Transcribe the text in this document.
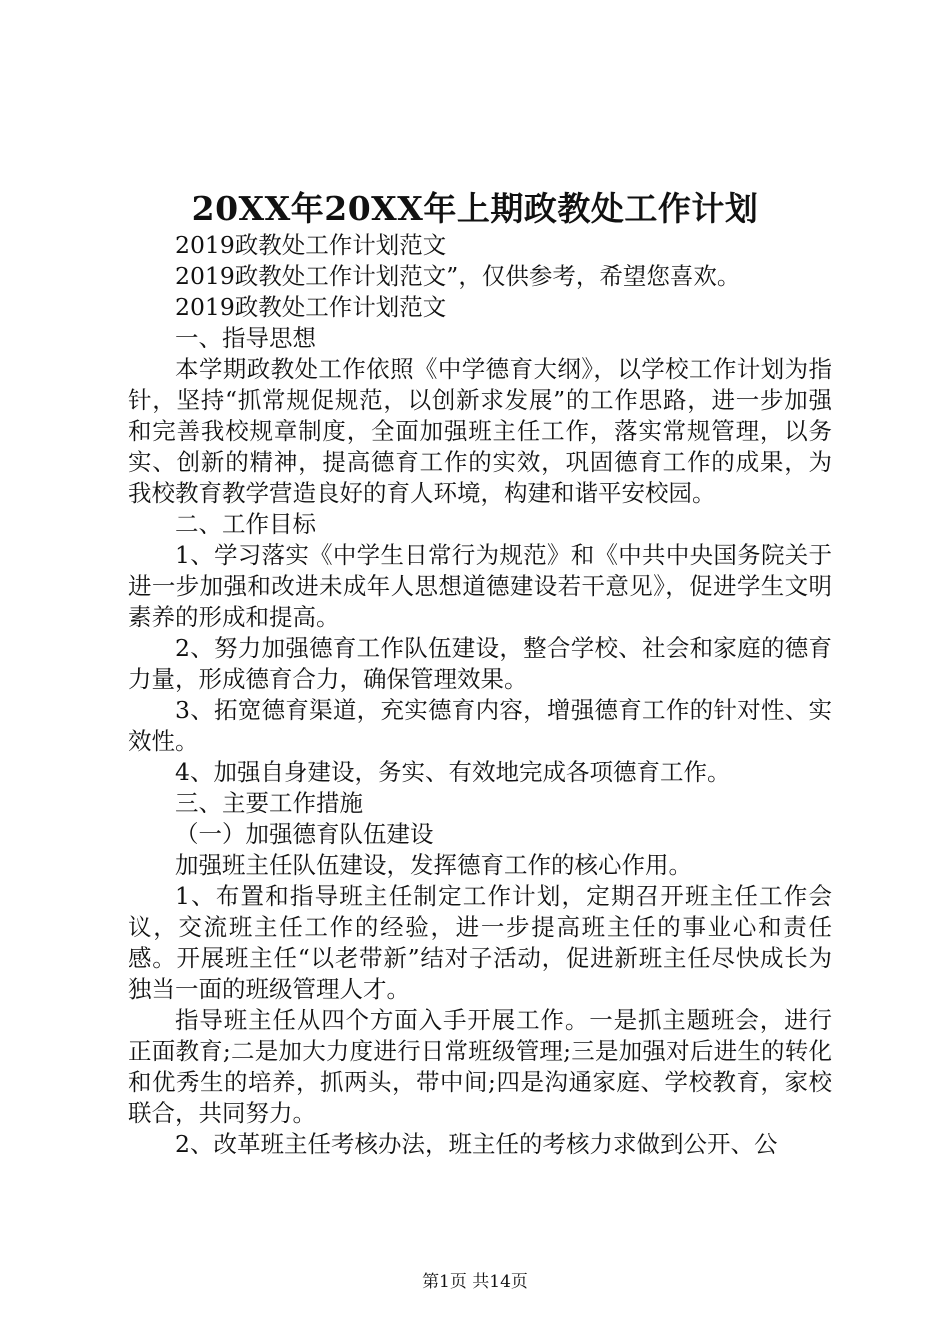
20XX年20XX年上期政教处工作计划

2019政教处工作计划范文

2019政教处工作计划范文”，仅供参考，希望您喜欢。

2019政教处工作计划范文

一、指导思想

本学期政教处工作依照《中学德育大纲》，以学校工作计划为指针，坚持“抓常规促规范，以创新求发展”的工作思路，进一步加强和完善我校规章制度，全面加强班主任工作，落实常规管理，以务实、创新的精神，提高德育工作的实效，巩固德育工作的成果，为我校教育教学营造良好的育人环境，构建和谐平安校园。

二、工作目标

1、学习落实《中学生日常行为规范》和《中共中央国务院关于进一步加强和改进未成年人思想道德建设若干意见》，促进学生文明素养的形成和提高。

2、努力加强德育工作队伍建设，整合学校、社会和家庭的德育力量，形成德育合力，确保管理效果。

3、拓宽德育渠道，充实德育内容，增强德育工作的针对性、实效性。

4、加强自身建设，务实、有效地完成各项德育工作。

三、主要工作措施

（一）加强德育队伍建设

加强班主任队伍建设，发挥德育工作的核心作用。

1、布置和指导班主任制定工作计划，定期召开班主任工作会议，交流班主任工作的经验，进一步提高班主任的事业心和责任感。开展班主任“以老带新”结对子活动，促进新班主任尽快成长为独当一面的班级管理人才。

指导班主任从四个方面入手开展工作。一是抓主题班会，进行正面教育;二是加大力度进行日常班级管理;三是加强对后进生的转化和优秀生的培养，抓两头，带中间;四是沟通家庭、学校教育，家校联合，共同努力。

2、改革班主任考核办法，班主任的考核力求做到公开、公

第1页 共14页
